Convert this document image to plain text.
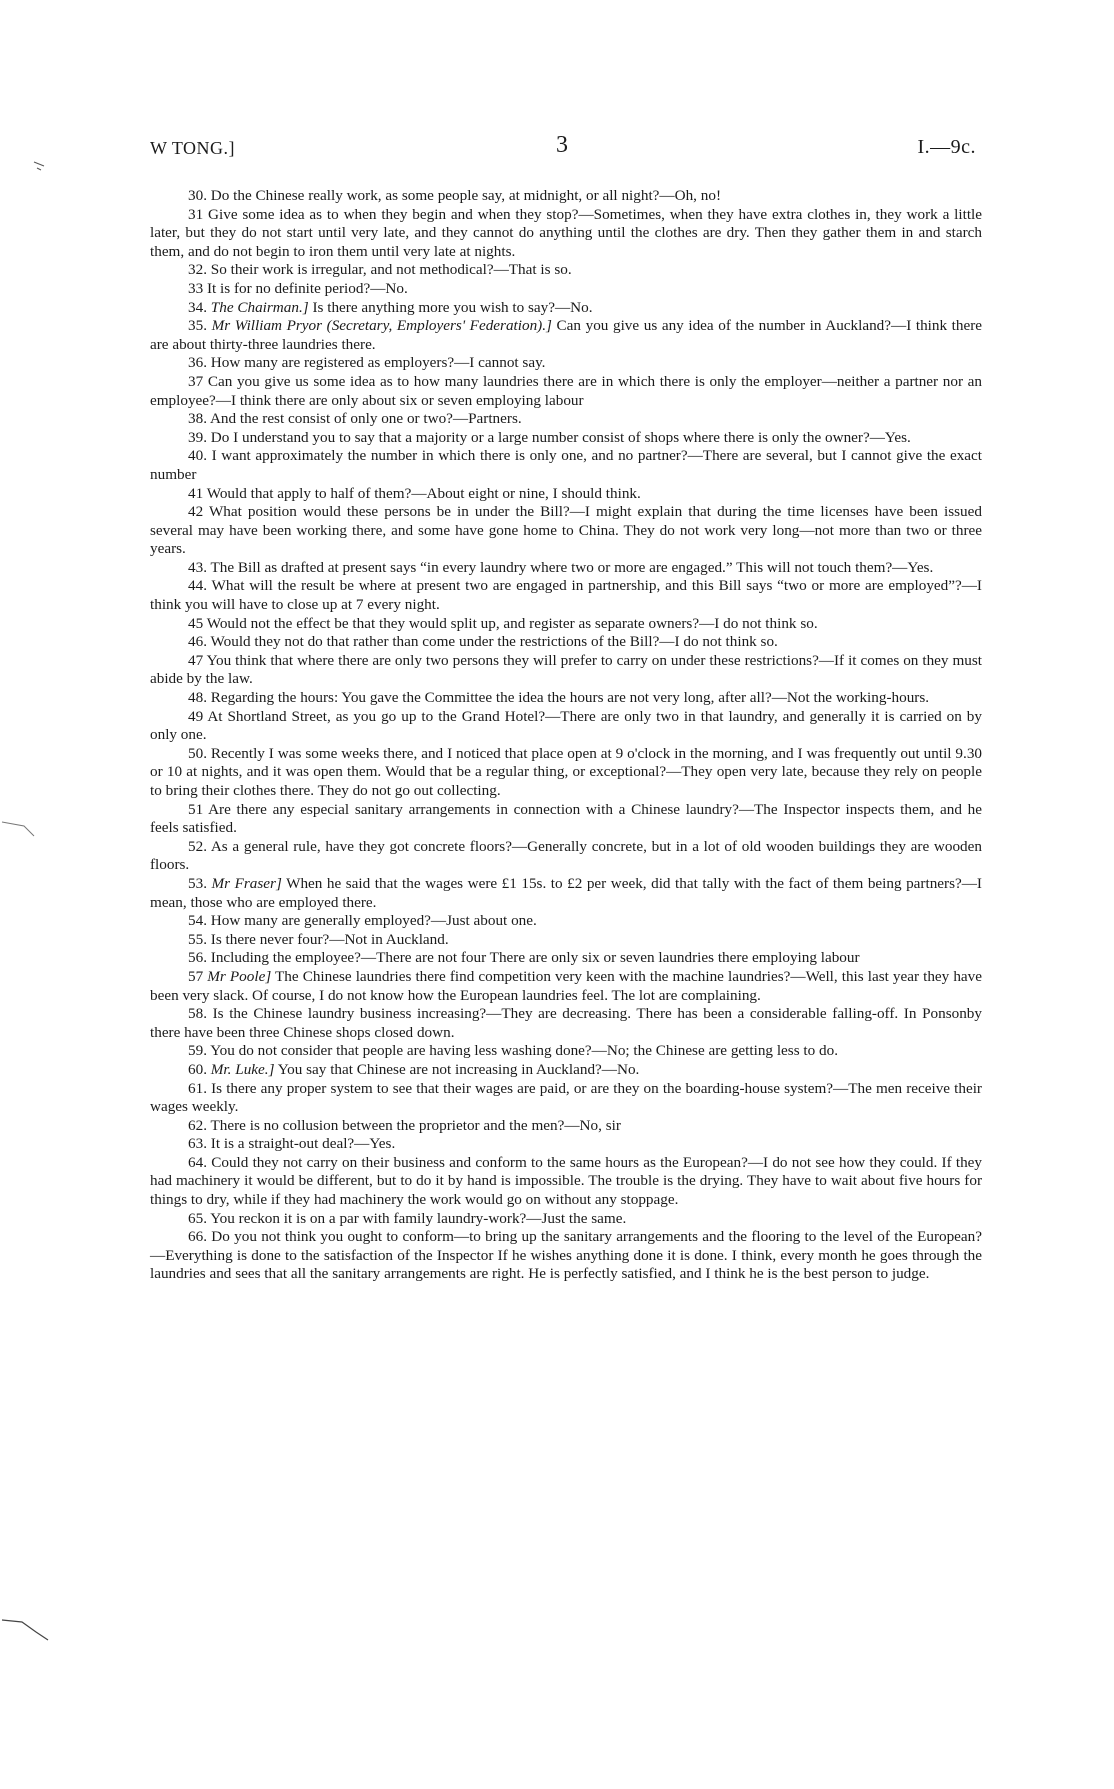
W TONG.]	3	I.—9c.

30. Do the Chinese really work, as some people say, at midnight, or all night?—Oh, no!

31 Give some idea as to when they begin and when they stop?—Sometimes, when they have extra clothes in, they work a little later, but they do not start until very late, and they cannot do anything until the clothes are dry. Then they gather them in and starch them, and do not begin to iron them until very late at nights.

32. So their work is irregular, and not methodical?—That is so.

33 It is for no definite period?—No.

34. The Chairman.] Is there anything more you wish to say?—No.

35. Mr William Pryor (Secretary, Employers' Federation).] Can you give us any idea of the number in Auckland?—I think there are about thirty-three laundries there.

36. How many are registered as employers?—I cannot say.

37 Can you give us some idea as to how many laundries there are in which there is only the employer—neither a partner nor an employee?—I think there are only about six or seven employing labour

38. And the rest consist of only one or two?—Partners.

39. Do I understand you to say that a majority or a large number consist of shops where there is only the owner?—Yes.

40. I want approximately the number in which there is only one, and no partner?—There are several, but I cannot give the exact number

41 Would that apply to half of them?—About eight or nine, I should think.

42 What position would these persons be in under the Bill?—I might explain that during the time licenses have been issued several may have been working there, and some have gone home to China. They do not work very long—not more than two or three years.

43. The Bill as drafted at present says “in every laundry where two or more are engaged.” This will not touch them?—Yes.

44. What will the result be where at present two are engaged in partnership, and this Bill says “two or more are employed”?—I think you will have to close up at 7 every night.

45 Would not the effect be that they would split up, and register as separate owners?—I do not think so.

46. Would they not do that rather than come under the restrictions of the Bill?—I do not think so.

47 You think that where there are only two persons they will prefer to carry on under these restrictions?—If it comes on they must abide by the law.

48. Regarding the hours: You gave the Committee the idea the hours are not very long, after all?—Not the working-hours.

49 At Shortland Street, as you go up to the Grand Hotel?—There are only two in that laundry, and generally it is carried on by only one.

50. Recently I was some weeks there, and I noticed that place open at 9 o'clock in the morning, and I was frequently out until 9.30 or 10 at nights, and it was open them. Would that be a regular thing, or exceptional?—They open very late, because they rely on people to bring their clothes there. They do not go out collecting.

51 Are there any especial sanitary arrangements in connection with a Chinese laundry?—The Inspector inspects them, and he feels satisfied.

52. As a general rule, have they got concrete floors?—Generally concrete, but in a lot of old wooden buildings they are wooden floors.

53. Mr Fraser] When he said that the wages were £1 15s. to £2 per week, did that tally with the fact of them being partners?—I mean, those who are employed there.

54. How many are generally employed?—Just about one.

55. Is there never four?—Not in Auckland.

56. Including the employee?—There are not four There are only six or seven laundries there employing labour

57 Mr Poole] The Chinese laundries there find competition very keen with the machine laundries?—Well, this last year they have been very slack. Of course, I do not know how the European laundries feel. The lot are complaining.

58. Is the Chinese laundry business increasing?—They are decreasing. There has been a considerable falling-off. In Ponsonby there have been three Chinese shops closed down.

59. You do not consider that people are having less washing done?—No; the Chinese are getting less to do.

60. Mr. Luke.] You say that Chinese are not increasing in Auckland?—No.

61. Is there any proper system to see that their wages are paid, or are they on the boarding-house system?—The men receive their wages weekly.

62. There is no collusion between the proprietor and the men?—No, sir

63. It is a straight-out deal?—Yes.

64. Could they not carry on their business and conform to the same hours as the European?—I do not see how they could. If they had machinery it would be different, but to do it by hand is impossible. The trouble is the drying. They have to wait about five hours for things to dry, while if they had machinery the work would go on without any stoppage.

65. You reckon it is on a par with family laundry-work?—Just the same.

66. Do you not think you ought to conform—to bring up the sanitary arrangements and the flooring to the level of the European?—Everything is done to the satisfaction of the Inspector If he wishes anything done it is done. I think, every month he goes through the laundries and sees that all the sanitary arrangements are right. He is perfectly satisfied, and I think he is the best person to judge.
